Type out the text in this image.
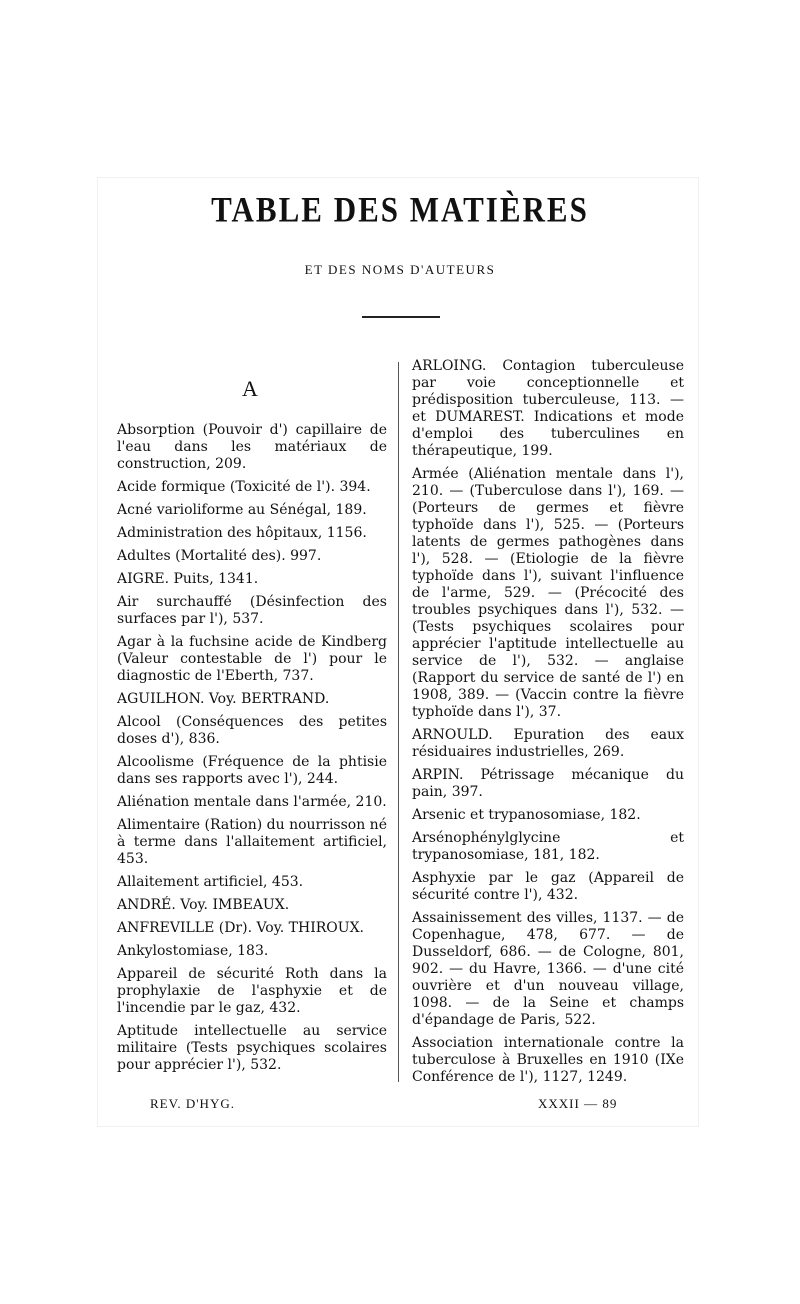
TABLE DES MATIÈRES
ET DES NOMS D'AUTEURS
A

Absorption (Pouvoir d') capillaire de l'eau dans les matériaux de construction, 209.

Acide formique (Toxicité de l'). 394.

Acné varioliforme au Sénégal, 189.

Administration des hôpitaux, 1156.

Adultes (Mortalité des). 997.

AIGRE. Puits, 1341.

Air surchauffé (Désinfection des surfaces par l'), 537.

Agar à la fuchsine acide de Kindberg (Valeur contestable de l') pour le diagnostic de l'Eberth, 737.

AGUILHON. Voy. BERTRAND.

Alcool (Conséquences des petites doses d'), 836.

Alcoolisme (Fréquence de la phtisie dans ses rapports avec l'), 244.

Aliénation mentale dans l'armée, 210.

Alimentaire (Ration) du nourrisson né à terme dans l'allaitement artificiel, 453.

Allaitement artificiel, 453.

ANDRÉ. Voy. IMBEAUX.

ANFREVILLE (Dr). Voy. THIROUX.

Ankylostomiase, 183.

Appareil de sécurité Roth dans la prophylaxie de l'asphyxie et de l'incendie par le gaz, 432.

Aptitude intellectuelle au service militaire (Tests psychiques scolaires pour apprécier l'), 532.

ARLOING. Contagion tuberculeuse par voie conceptionnelle et prédisposition tuberculeuse, 113. — et DUMAREST. Indications et mode d'emploi des tuberculines en thérapeutique, 199.

Armée (Aliénation mentale dans l'), 210. — (Tuberculose dans l'), 169. — (Porteurs de germes et fièvre typhoïde dans l'), 525. — (Porteurs latents de germes pathogènes dans l'), 528. — (Etiologie de la fièvre typhoïde dans l'), suivant l'influence de l'arme, 529. — (Précocité des troubles psychiques dans l'), 532. — (Tests psychiques scolaires pour apprécier l'aptitude intellectuelle au service de l'), 532. — anglaise (Rapport du service de santé de l') en 1908, 389. — (Vaccin contre la fièvre typhoïde dans l'), 37.

ARNOULD. Epuration des eaux résiduaires industrielles, 269.

ARPIN. Pétrissage mécanique du pain, 397.

Arsenic et trypanosomiase, 182.

Arsénophénylglycine et trypanosomiase, 181, 182.

Asphyxie par le gaz (Appareil de sécurité contre l'), 432.

Assainissement des villes, 1137. — de Copenhague, 478, 677. — de Dusseldorf, 686. — de Cologne, 801, 902. — du Havre, 1366. — d'une cité ouvrière et d'un nouveau village, 1098. — de la Seine et champs d'épandage de Paris, 522.

Association internationale contre la tuberculose à Bruxelles en 1910 (IXe Conférence de l'), 1127, 1249.

REV. D'HYG.	XXXII — 89
